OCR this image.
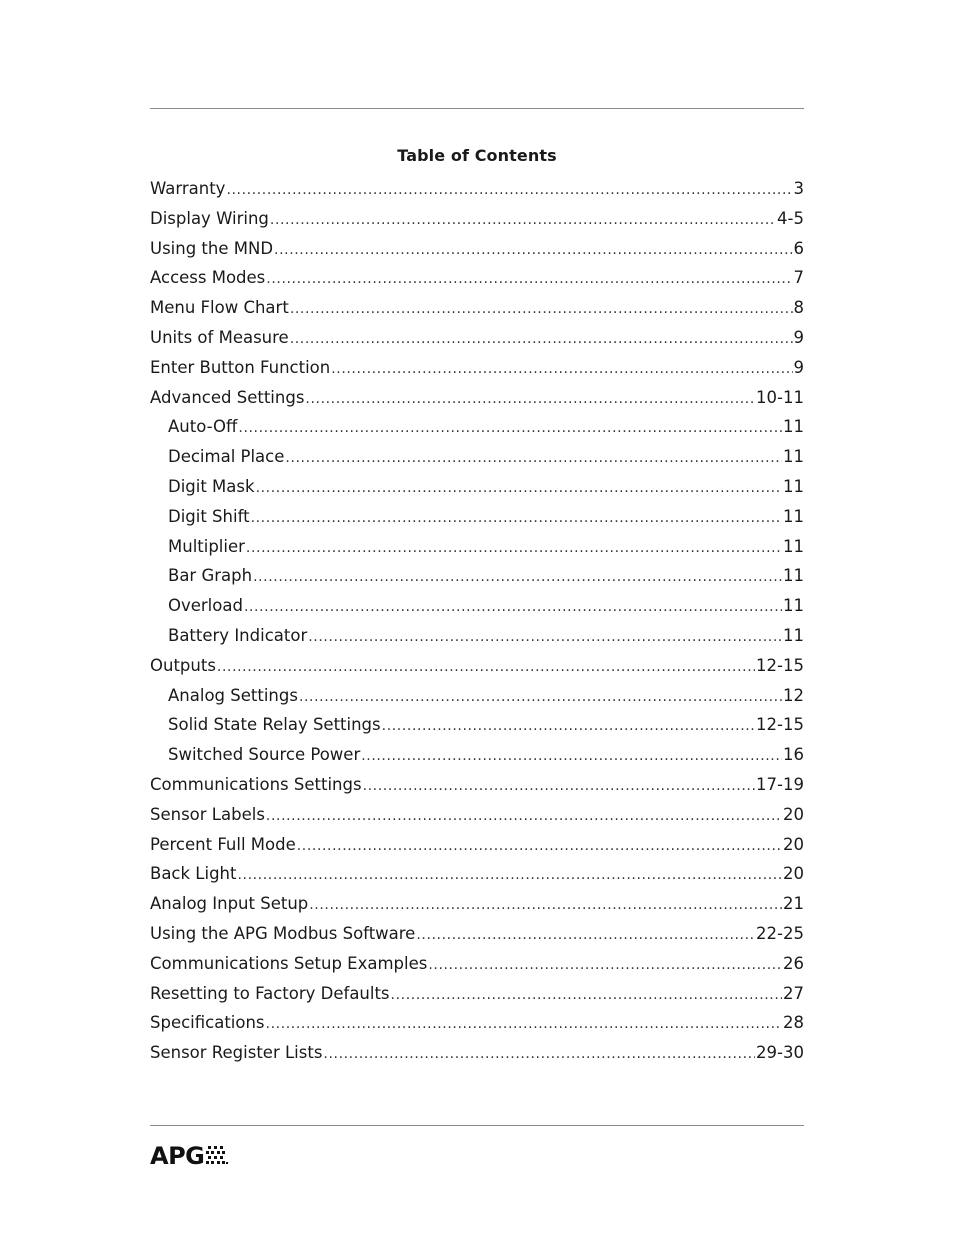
Table of Contents
Warranty .....	3
Display Wiring .....	4-5
Using the MND .....	6
Access Modes .....	7
Menu Flow Chart .....	8
Units of Measure .....	9
Enter Button Function .....	9
Advanced Settings .....	10-11
Auto-Off .....	11
Decimal Place .....	11
Digit Mask .....	11
Digit Shift .....	11
Multiplier .....	11
Bar Graph .....	11
Overload .....	11
Battery Indicator .....	11
Outputs .....	12-15
Analog Settings .....	12
Solid State Relay Settings .....	12-15
Switched Source Power .....	16
Communications Settings .....	17-19
Sensor Labels .....	20
Percent Full Mode .....	20
Back Light .....	20
Analog Input Setup .....	21
Using the APG Modbus Software .....	22-25
Communications Setup Examples .....	26
Resetting to Factory Defaults .....	27
Specifications .....	28
Sensor Register Lists .....	29-30
APG
